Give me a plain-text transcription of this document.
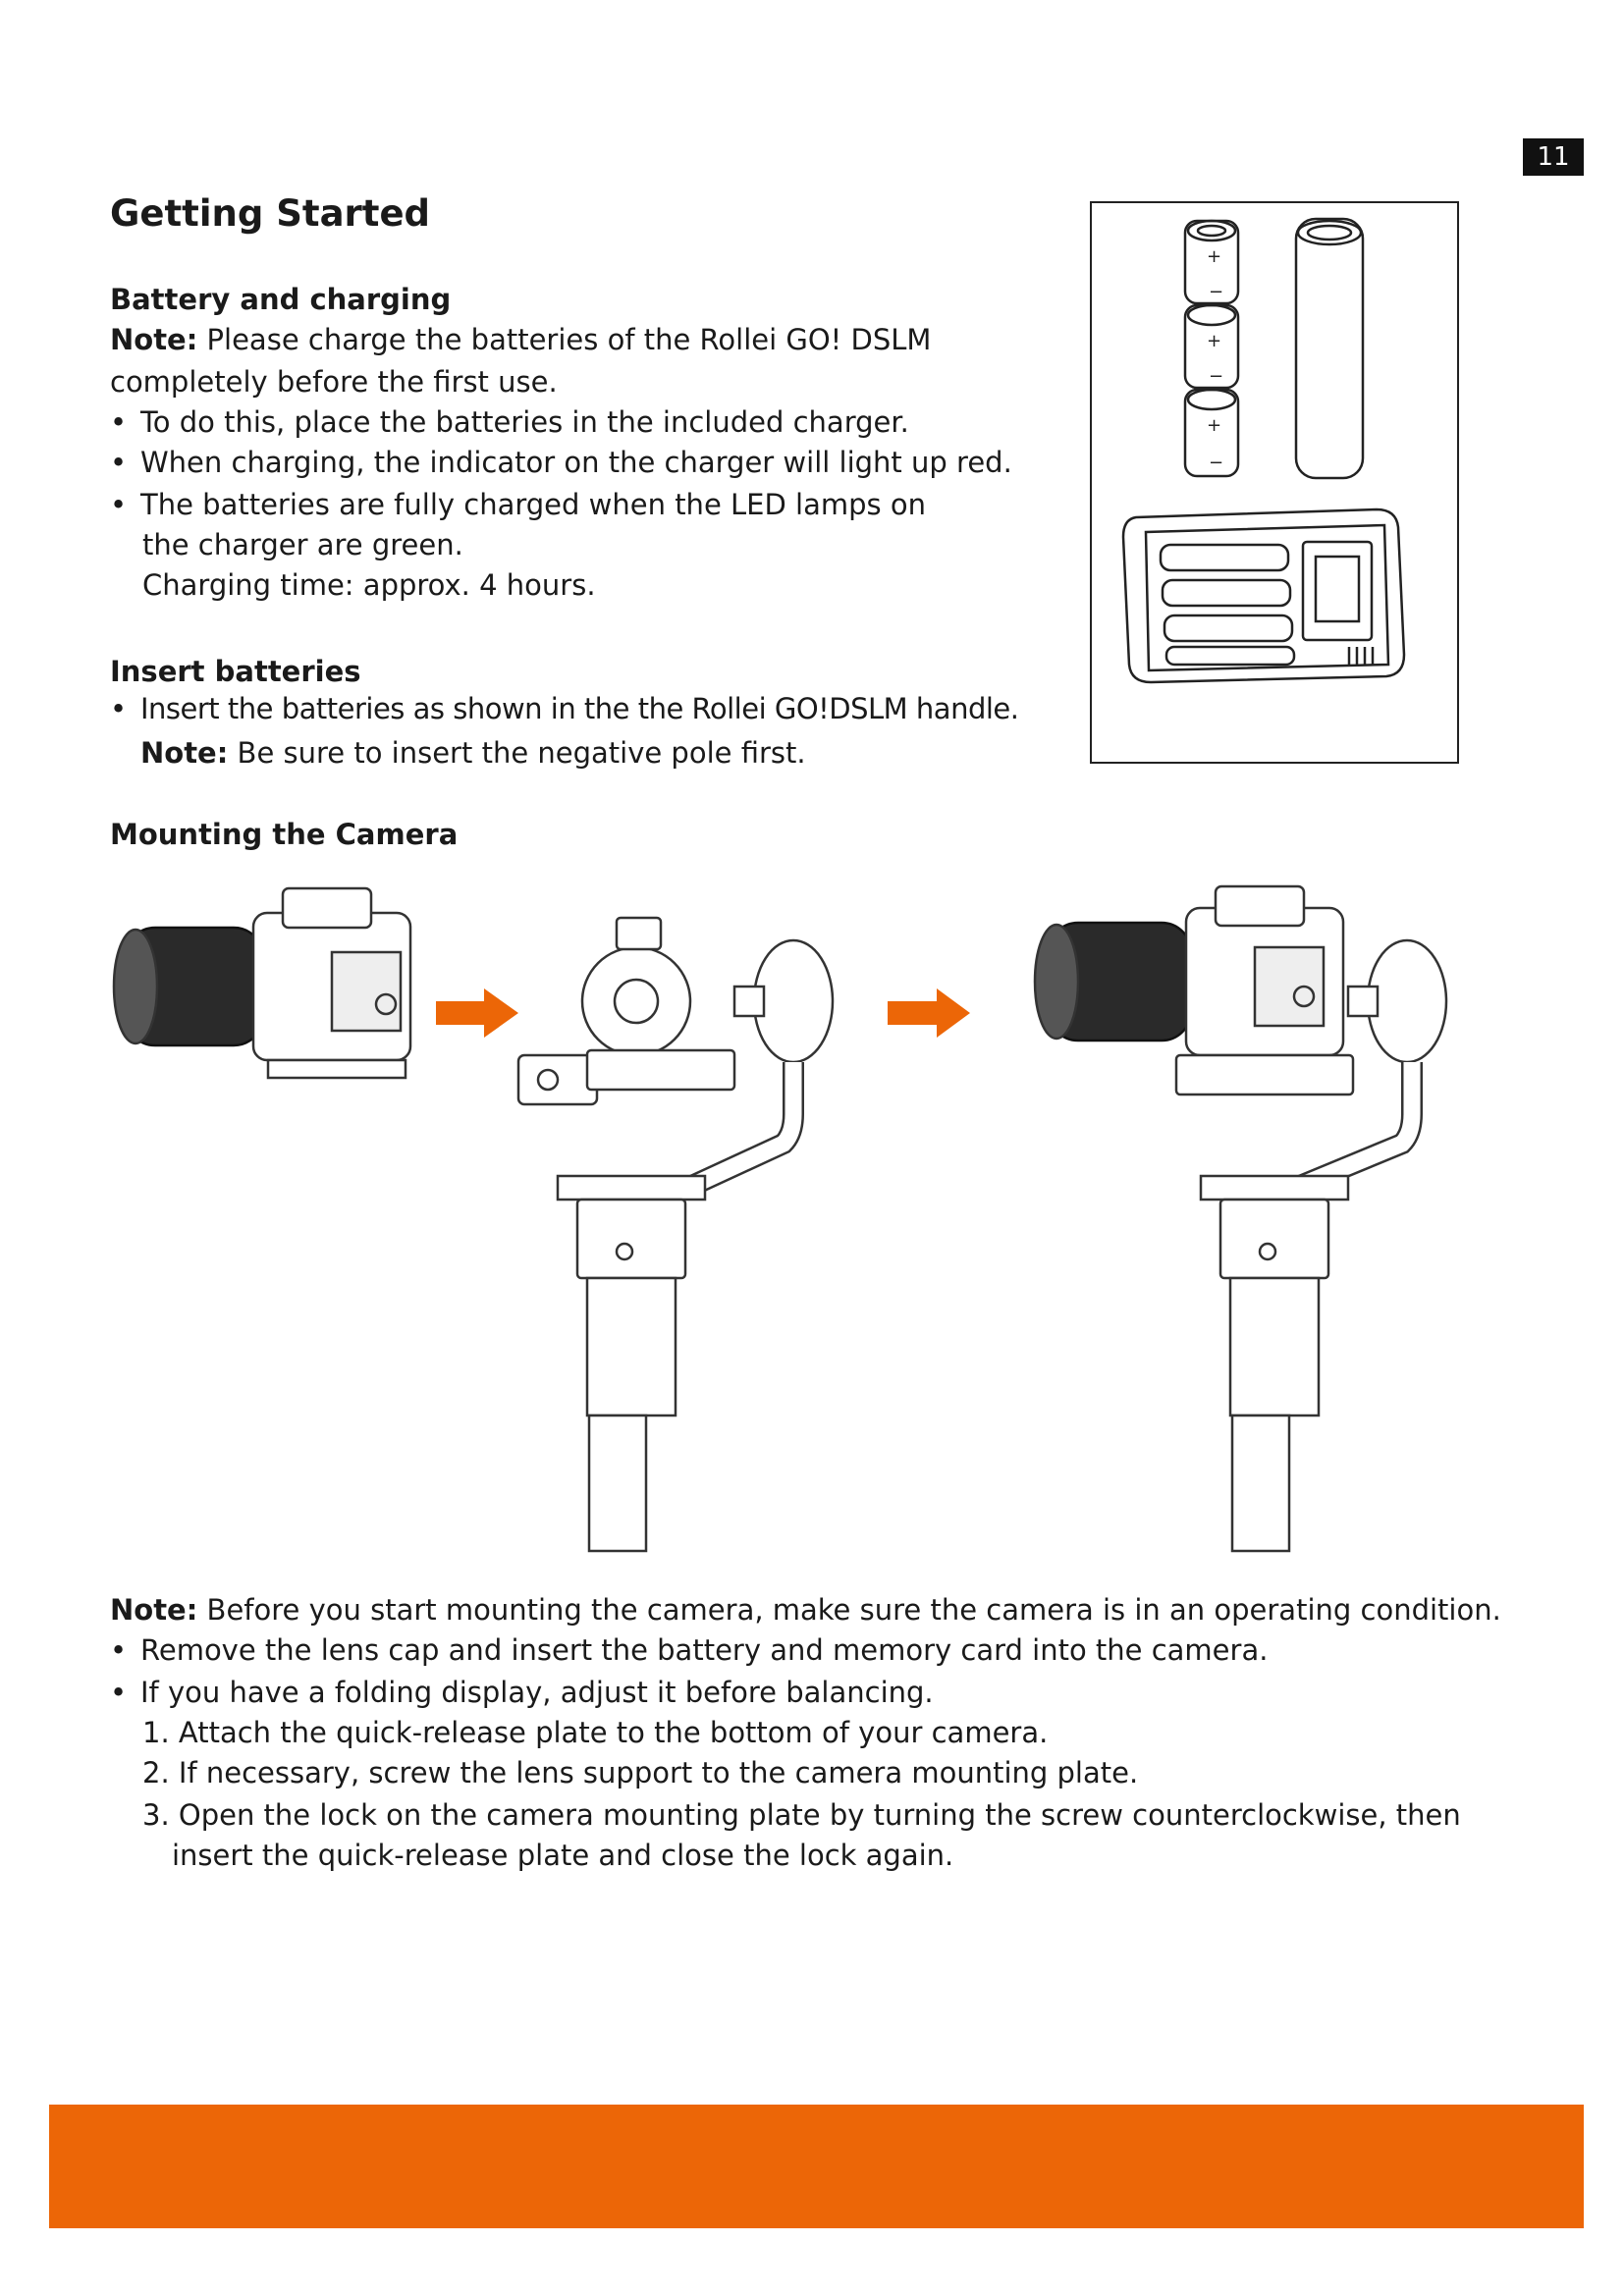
11
Getting Started
Battery and charging
Note: Please charge the batteries of the Rollei GO! DSLM
completely before the first use.
• To do this, place the batteries in the included charger.
• When charging, the indicator on the charger will light up red.
• The batteries are fully charged when the LED lamps on
the charger are green.
Charging time: approx. 4 hours.
Insert batteries
• Insert the batteries as shown in the the Rollei GO!DSLM handle.
Note: Be sure to insert the negative pole first.
+
−
+
−
+
−
Mounting the Camera
Note: Before you start mounting the camera, make sure the camera is in an operating condition.
• Remove the lens cap and insert the battery and memory card into the camera.
• If you have a folding display, adjust it before balancing.
1. Attach the quick-release plate to the bottom of your camera.
2. If necessary, screw the lens support to the camera mounting plate.
3. Open the lock on the camera mounting plate by turning the screw counterclockwise, then
insert the quick-release plate and close the lock again.
